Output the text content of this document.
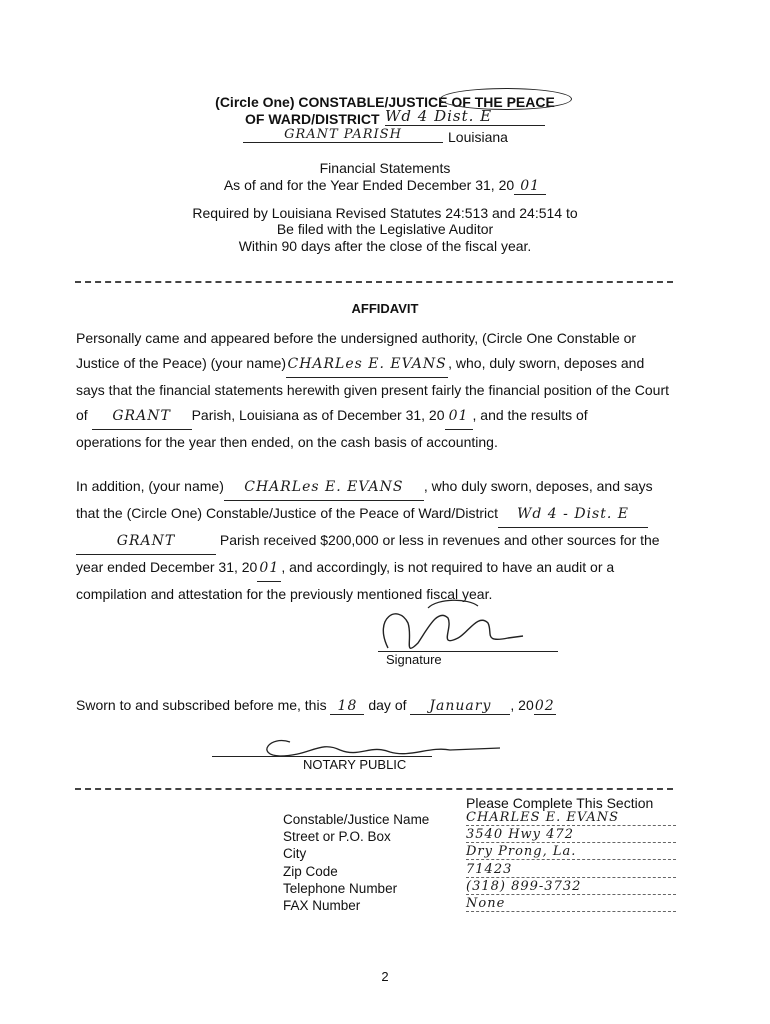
(Circle One) CONSTABLE/JUSTICE OF THE PEACE
OF WARD/DISTRICT Wd 4 Dist. E
GRANT PARISH	Louisiana
Financial Statements
As of and for the Year Ended December 31, 20 01
Required by Louisiana Revised Statutes 24:513 and 24:514 to
Be filed with the Legislative Auditor
Within 90 days after the close of the fiscal year.
AFFIDAVIT
Personally came and appeared before the undersigned authority, (Circle One Constable or
Justice of the Peace) (your name)CHARLes E. EVANS, who, duly sworn, deposes and
says that the financial statements herewith given present fairly the financial position of the Court
of GRANT Parish, Louisiana as of December 31, 20 01 , and the results of
operations for the year then ended, on the cash basis of accounting.
In addition, (your name) CHARLes E. EVANS , who duly sworn, deposes, and says
that the (Circle One) Constable/Justice of the Peace of Ward/District Wd 4 - Dist. E
GRANT	Parish received $200,000 or less in revenues and other sources for the
year ended December 31, 20 01 , and accordingly, is not required to have an audit or a
compilation and attestation for the previously mentioned fiscal year.
Signature
Sworn to and subscribed before me, this 18 day of January , 2002
NOTARY PUBLIC
Please Complete This Section
Constable/Justice Name	CHARLES E. EVANS
Street or P.O. Box	3540 Hwy 472
City	Dry Prong, La.
Zip Code	71423
Telephone Number	(318) 899-3732
FAX Number	None
2
